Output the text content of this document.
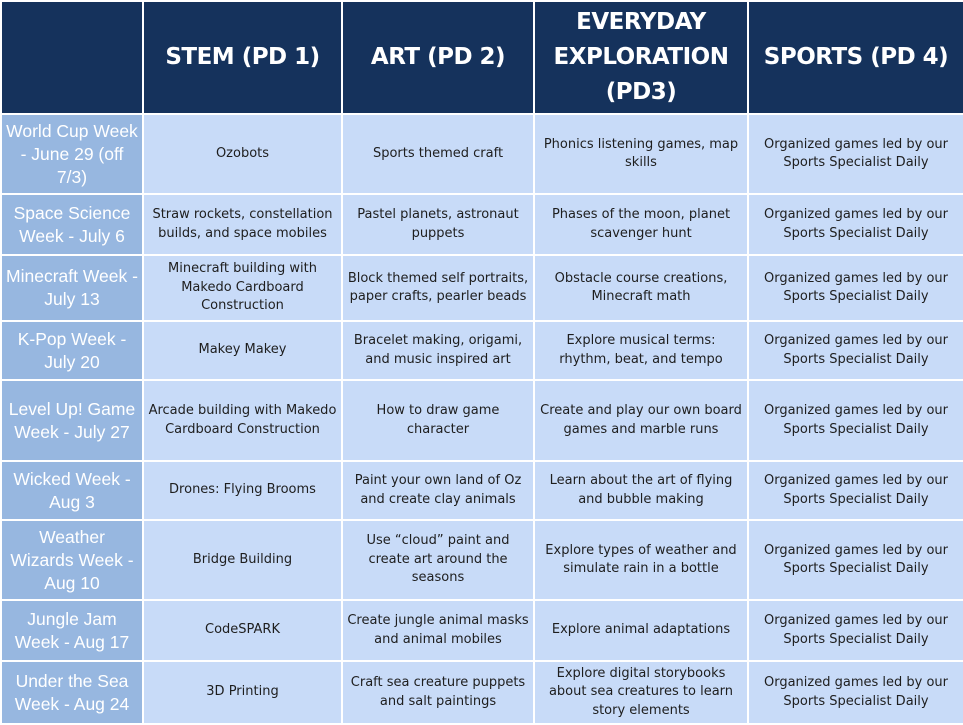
	STEM (PD 1)	ART (PD 2)	EVERYDAY EXPLORATION (PD3)	SPORTS (PD 4)
World Cup Week - June 29 (off 7/3)	Ozobots	Sports themed craft	Phonics listening games, map skills	Organized games led by our Sports Specialist Daily
Space Science Week - July 6	Straw rockets, constellation builds, and space mobiles	Pastel planets, astronaut puppets	Phases of the moon, planet scavenger hunt	Organized games led by our Sports Specialist Daily
Minecraft Week - July 13	Minecraft building with Makedo Cardboard Construction	Block themed self portraits, paper crafts, pearler beads	Obstacle course creations, Minecraft math	Organized games led by our Sports Specialist Daily
K-Pop Week - July 20	Makey Makey	Bracelet making, origami, and music inspired art	Explore musical terms: rhythm, beat, and tempo	Organized games led by our Sports Specialist Daily
Level Up! Game Week - July 27	Arcade building with Makedo Cardboard Construction	How to draw game character	Create and play our own board games and marble runs	Organized games led by our Sports Specialist Daily
Wicked Week - Aug 3	Drones: Flying Brooms	Paint your own land of Oz and create clay animals	Learn about the art of flying and bubble making	Organized games led by our Sports Specialist Daily
Weather Wizards Week - Aug 10	Bridge Building	Use “cloud” paint and create art around the seasons	Explore types of weather and simulate rain in a bottle	Organized games led by our Sports Specialist Daily
Jungle Jam Week - Aug 17	CodeSPARK	Create jungle animal masks and animal mobiles	Explore animal adaptations	Organized games led by our Sports Specialist Daily
Under the Sea Week - Aug 24	3D Printing	Craft sea creature puppets and salt paintings	Explore digital storybooks about sea creatures to learn story elements	Organized games led by our Sports Specialist Daily
